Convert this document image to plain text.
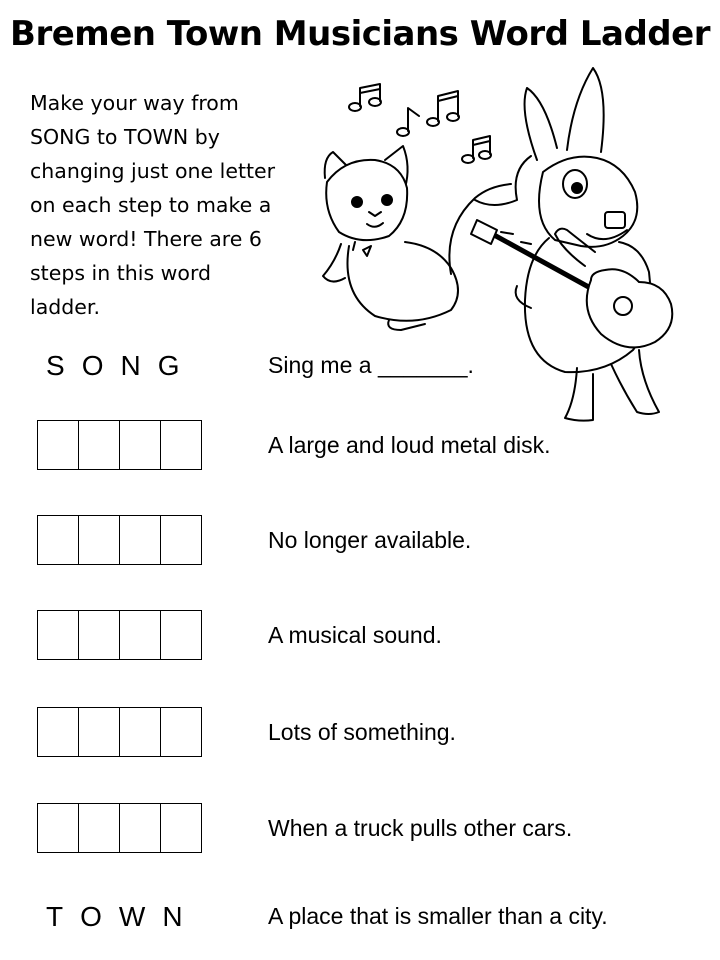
Bremen Town Musicians Word Ladder
Make your way from
SONG to TOWN by
changing just one letter
on each step to make a
new word! There are 6
steps in this word
ladder.
S O N G	Sing me a _______.
A large and loud metal disk.
No longer available.
A musical sound.
Lots of something.
When a truck pulls other cars.
T O W N	A place that is smaller than a city.
